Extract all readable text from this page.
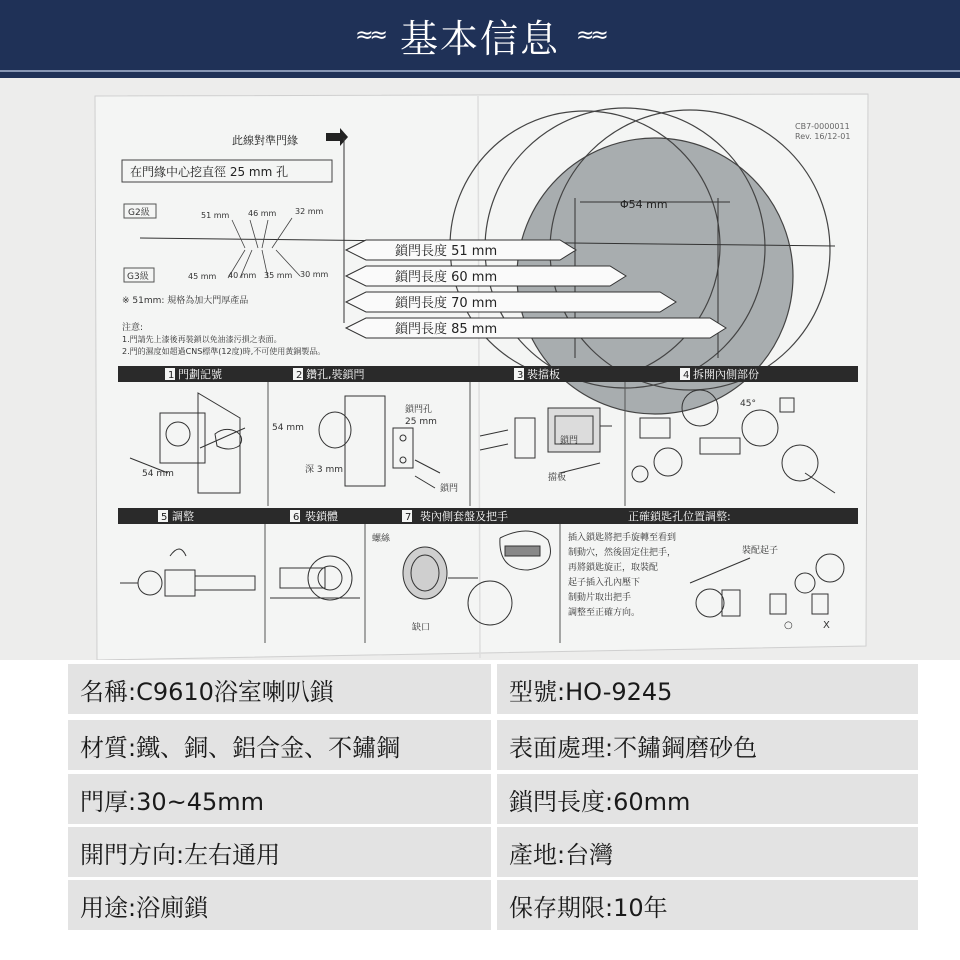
≈≈ 基本信息 ≈≈
CB7-0000011
Rev. 16/12-01
Φ54 mm
此線對準門緣
在門緣中心挖直徑 25 mm 孔
G2級	51 mm 46 mm 32 mm
G3級	45 mm 40 mm 35 mm 30 mm
※ 51mm: 規格為加大門厚產品
注意:
1.門請先上漆後再裝鎖以免油漆污損之表面。
2.門的濕度如超過CNS標準(12度)時,不可使用黃銅製品。
鎖閂長度 51 mm
鎖閂長度 60 mm
鎖閂長度 70 mm
鎖閂長度 85 mm
1 門劃記號	2 鑽孔,裝鎖閂	3 裝擋板	4 拆開內側部份
54 mm
54 mm
鎖閂孔
25 mm
深 3 mm
鎖閂
鎖閂
擋板
45°
5 調整	6 裝鎖體	7 裝內側套盤及把手	正確鎖匙孔位置調整:
螺絲
缺口
插入鎖匙將把手旋轉至看到
制動穴，然後固定住把手，
再將鎖匙旋正，取裝配
起子插入孔內壓下
制動片取出把手
調整至正確方向。
裝配起子
○	X
名稱:C9610浴室喇叭鎖	型號:HO-9245
材質:鐵、銅、鋁合金、不鏽鋼	表面處理:不鏽鋼磨砂色
門厚:30~45mm	鎖閂長度:60mm
開門方向:左右通用	產地:台灣
用途:浴廁鎖	保存期限:10年
